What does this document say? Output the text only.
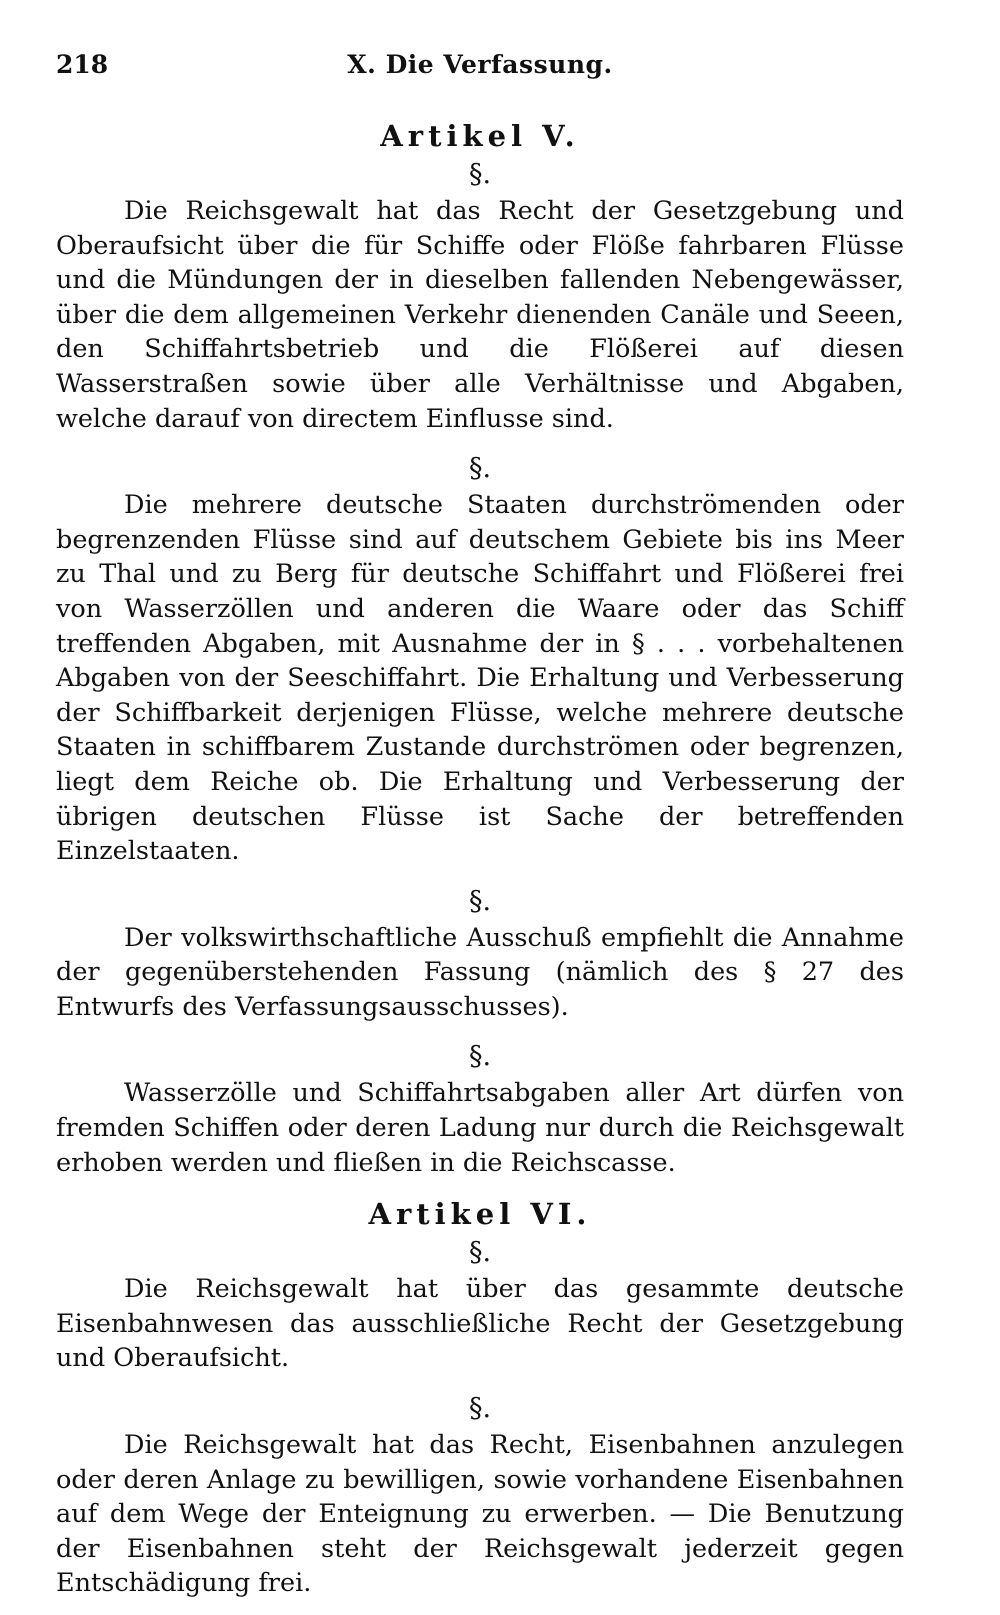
218	X. Die Verfassung.
Artikel V.
§.

Die Reichsgewalt hat das Recht der Gesetzgebung und Oberaufsicht über die für Schiffe oder Flöße fahrbaren Flüsse und die Mündungen der in dieselben fallenden Nebengewässer, über die dem allgemeinen Verkehr dienenden Canäle und Seeen, den Schiffahrtsbetrieb und die Flößerei auf diesen Wasserstraßen sowie über alle Verhältnisse und Abgaben, welche darauf von directem Einflusse sind.

§.

Die mehrere deutsche Staaten durchströmenden oder begrenzenden Flüsse sind auf deutschem Gebiete bis ins Meer zu Thal und zu Berg für deutsche Schiffahrt und Flößerei frei von Wasserzöllen und anderen die Waare oder das Schiff treffenden Abgaben, mit Ausnahme der in § . . . vorbehaltenen Abgaben von der Seeschiffahrt. Die Erhaltung und Verbesserung der Schiffbarkeit derjenigen Flüsse, welche mehrere deutsche Staaten in schiffbarem Zustande durchströmen oder begrenzen, liegt dem Reiche ob. Die Erhaltung und Verbesserung der übrigen deutschen Flüsse ist Sache der betreffenden Einzelstaaten.

§.

Der volkswirthschaftliche Ausschuß empfiehlt die Annahme der gegenüberstehenden Fassung (nämlich des § 27 des Entwurfs des Verfassungsausschusses).

§.

Wasserzölle und Schiffahrtsabgaben aller Art dürfen von fremden Schiffen oder deren Ladung nur durch die Reichsgewalt erhoben werden und fließen in die Reichscasse.

Artikel VI.
§.

Die Reichsgewalt hat über das gesammte deutsche Eisenbahnwesen das ausschließliche Recht der Gesetzgebung und Oberaufsicht.

§.

Die Reichsgewalt hat das Recht, Eisenbahnen anzulegen oder deren Anlage zu bewilligen, sowie vorhandene Eisenbahnen auf dem Wege der Enteignung zu erwerben. — Die Benutzung der Eisenbahnen steht der Reichsgewalt jederzeit gegen Entschädigung frei.
